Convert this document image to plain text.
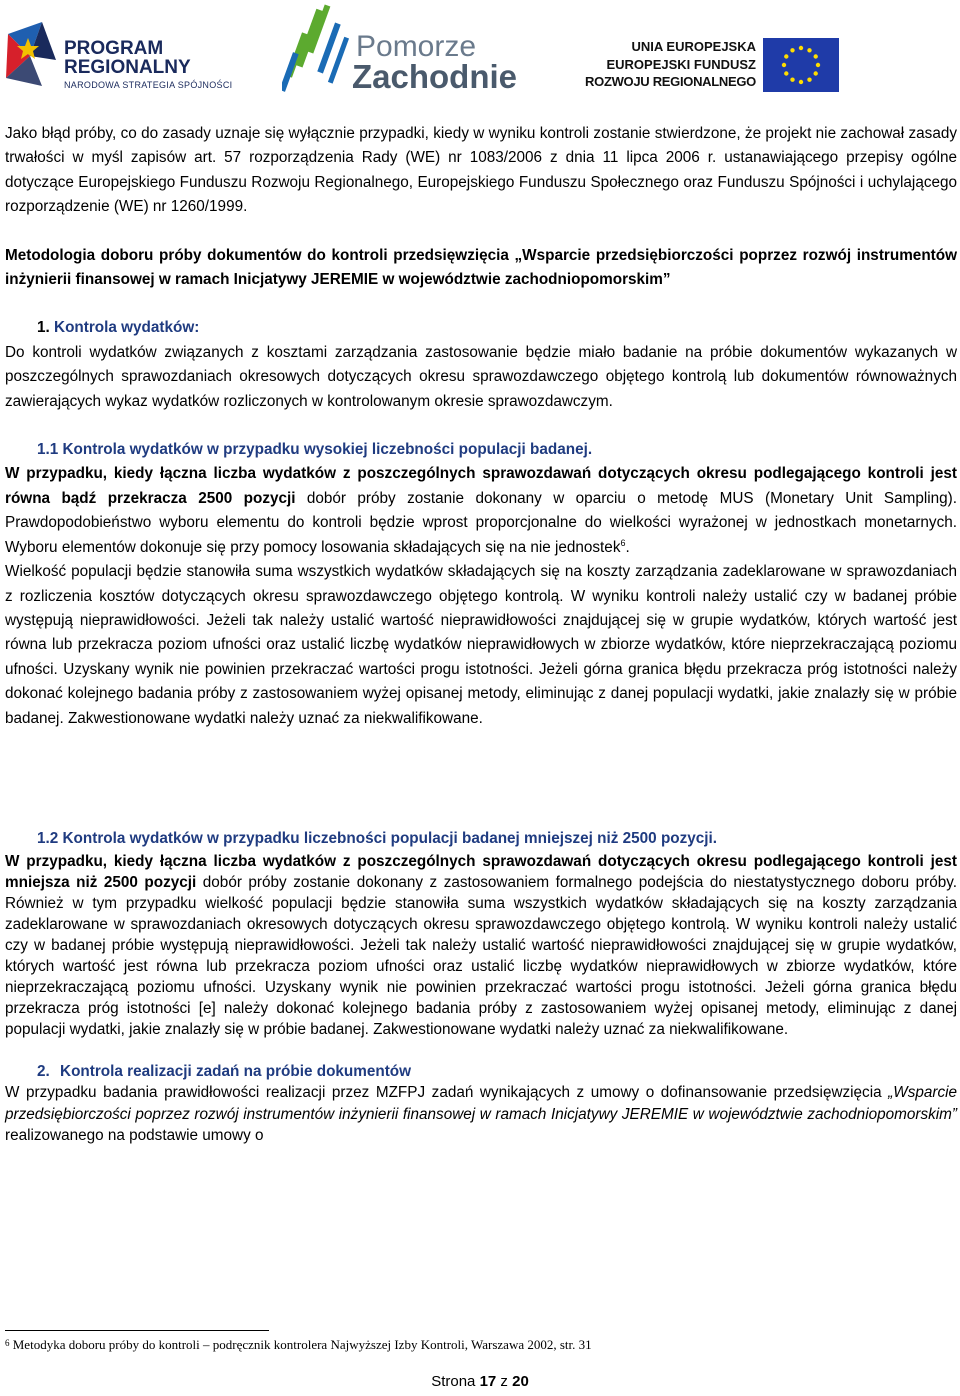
PROGRAM
REGIONALNY
NARODOWA STRATEGIA SPÓJNOŚCI
Pomorze
Zachodnie
UNIA EUROPEJSKA
EUROPEJSKI FUNDUSZ
ROZWOJU REGIONALNEGO

Jako błąd próby, co do zasady uznaje się wyłącznie przypadki, kiedy w wyniku kontroli zostanie stwierdzone, że projekt nie zachował zasady trwałości w myśl zapisów art. 57 rozporządzenia Rady (WE) nr 1083/2006 z dnia 11 lipca 2006 r. ustanawiającego przepisy ogólne dotyczące Europejskiego Funduszu Rozwoju Regionalnego, Europejskiego Funduszu Społecznego oraz Funduszu Spójności i uchylającego rozporządzenie (WE) nr 1260/1999.

Metodologia doboru próby dokumentów do kontroli przedsięwzięcia „Wsparcie przedsiębiorczości poprzez rozwój instrumentów inżynierii finansowej w ramach Inicjatywy JEREMIE w województwie zachodniopomorskim”

1. Kontrola wydatków:

Do kontroli wydatków związanych z kosztami zarządzania zastosowanie będzie miało badanie na próbie dokumentów wykazanych w poszczególnych sprawozdaniach okresowych dotyczących okresu sprawozdawczego objętego kontrolą lub dokumentów równoważnych zawierających wykaz wydatków rozliczonych w kontrolowanym okresie sprawozdawczym.

1.1 Kontrola wydatków w przypadku wysokiej liczebności populacji badanej.

W przypadku, kiedy łączna liczba wydatków z poszczególnych sprawozdawań dotyczących okresu podlegającego kontroli jest równa bądź przekracza 2500 pozycji dobór próby zostanie dokonany w oparciu o metodę MUS (Monetary Unit Sampling). Prawdopodobieństwo wyboru elementu do kontroli będzie wprost proporcjonalne do wielkości wyrażonej w jednostkach monetarnych. Wyboru elementów dokonuje się przy pomocy losowania składających się na nie jednostek$^6$.

Wielkość populacji będzie stanowiła suma wszystkich wydatków składających się na koszty zarządzania zadeklarowane w sprawozdaniach z rozliczenia kosztów dotyczących okresu sprawozdawczego objętego kontrolą. W wyniku kontroli należy ustalić czy w badanej próbie występują nieprawidłowości. Jeżeli tak należy ustalić wartość nieprawidłowości znajdującej się w grupie wydatków, których wartość jest równa lub przekracza poziom ufności oraz ustalić liczbę wydatków nieprawidłowych w zbiorze wydatków, które nieprzekraczającą poziomu ufności. Uzyskany wynik nie powinien przekraczać wartości progu istotności. Jeżeli górna granica błędu przekracza próg istotności należy dokonać kolejnego badania próby z zastosowaniem wyżej opisanej metody, eliminując z danej populacji wydatki, jakie znalazły się w próbie badanej. Zakwestionowane wydatki należy uznać za niekwalifikowane.

1.2 Kontrola wydatków w przypadku liczebności populacji badanej mniejszej niż 2500 pozycji.

W przypadku, kiedy łączna liczba wydatków z poszczególnych sprawozdawań dotyczących okresu podlegającego kontroli jest mniejsza niż 2500 pozycji dobór próby zostanie dokonany z zastosowaniem formalnego podejścia do niestatystycznego doboru próby. Również w tym przypadku wielkość populacji będzie stanowiła suma wszystkich wydatków składających się na koszty zarządzania zadeklarowane w sprawozdaniach okresowych dotyczących okresu sprawozdawczego objętego kontrolą. W wyniku kontroli należy ustalić czy w badanej próbie występują nieprawidłowości. Jeżeli tak należy ustalić wartość nieprawidłowości znajdującej się w grupie wydatków, których wartość jest równa lub przekracza poziom ufności oraz ustalić liczbę wydatków nieprawidłowych w zbiorze wydatków, które nieprzekraczającą poziomu ufności. Uzyskany wynik nie powinien przekraczać wartości progu istotności. Jeżeli górna granica błędu przekracza próg istotności [e] należy dokonać kolejnego badania próby z zastosowaniem wyżej opisanej metody, eliminując z danej populacji wydatki, jakie znalazły się w próbie badanej. Zakwestionowane wydatki należy uznać za niekwalifikowane.

2. Kontrola realizacji zadań na próbie dokumentów

W przypadku badania prawidłowości realizacji przez MZFPJ zadań wynikających z umowy o dofinansowanie przedsięwzięcia „Wsparcie przedsiębiorczości poprzez rozwój instrumentów inżynierii finansowej w ramach Inicjatywy JEREMIE w województwie zachodniopomorskim” realizowanego na podstawie umowy o

$^6$ Metodyka doboru próby do kontroli – podręcznik kontrolera Najwyższej Izby Kontroli, Warszawa 2002, str. 31
Strona 17 z 20
